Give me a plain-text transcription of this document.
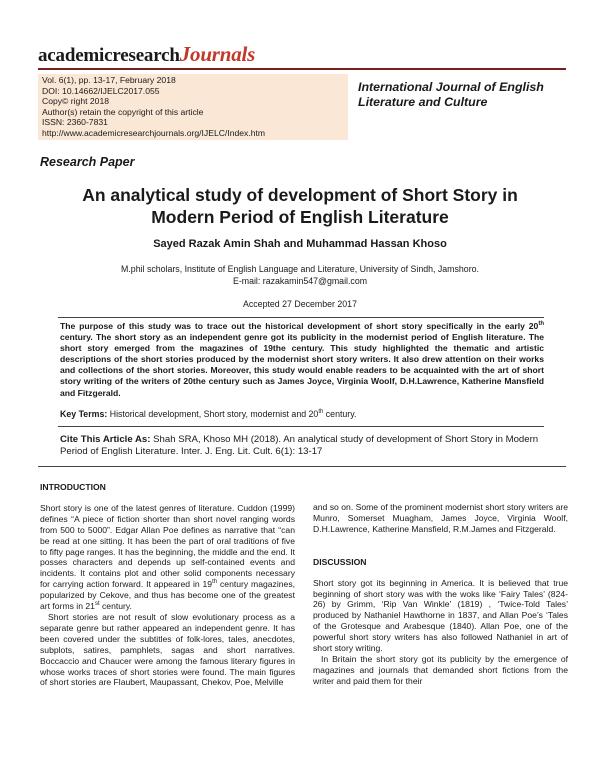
academicresearchJournals
Vol. 6(1), pp. 13-17, February 2018
DOI: 10.14662/IJELC2017.055
Copy© right 2018
Author(s) retain the copyright of this article
ISSN: 2360-7831
http://www.academicresearchjournals.org/IJELC/Index.htm
International Journal of English
Literature and Culture
Research Paper
An analytical study of development of Short Story in
Modern Period of English Literature
Sayed Razak Amin Shah and Muhammad Hassan Khoso
M.phil scholars, Institute of English Language and Literature, University of Sindh, Jamshoro.
E-mail: razakamin547@gmail.com
Accepted 27 December 2017
The purpose of this study was to trace out the historical development of short story specifically in the early 20th century. The short story as an independent genre got its publicity in the modernist period of English literature. The short story emerged from the magazines of 19the century. This study highlighted the thematic and artistic descriptions of the short stories produced by the modernist short story writers. It also drew attention on their works and collections of the short stories. Moreover, this study would enable readers to be acquainted with the art of short story writing of the writers of 20the century such as James Joyce, Virginia Woolf, D.H.Lawrence, Katherine Mansfield and Fitzgerald.
Key Terms: Historical development, Short story, modernist and 20th century.
Cite This Article As: Shah SRA, Khoso MH (2018). An analytical study of development of Short Story in Modern Period of English Literature. Inter. J. Eng. Lit. Cult. 6(1): 13-17

INTRODUCTION

Short story is one of the latest genres of literature. Cuddon (1999) defines “A piece of fiction shorter than short novel ranging words from 500 to 5000”. Edgar Allan Poe defines as narrative that “can be read at one sitting. It has been the part of oral traditions of five to fifty page ranges. It has the beginning, the middle and the end. It posses characters and depends up self-contained events and incidents. It contains plot and other solid components necessary for carrying action forward. It appeared in 19th century magazines, popularized by Cekove, and thus has become one of the greatest art forms in 21st century.

Short stories are not result of slow evolutionary process as a separate genre but rather appeared an independent genre. It has been covered under the subtitles of folk-lores, tales, anecdotes, subplots, satires, pamphlets, sagas and short narratives. Boccaccio and Chaucer were among the famous literary figures in whose works traces of short stories were found. The main figures of short stories are Flaubert, Maupassant, Chekov, Poe, Melville

and so on. Some of the prominent modernist short story writers are Munro, Somerset Muagham, James Joyce, Virginia Woolf, D.H.Lawrence, Katherine Mansfield, R.M.James and Fitzgerald.

DISCUSSION

Short story got its beginning in America. It is believed that true beginning of short story was with the woks like ‘Fairy Tales’ (824-26) by Grimm, ‘Rip Van Winkle’ (1819) , ‘Twice-Told Tales’ produced by Nathaniel Hawthorne in 1837, and Allan Poe’s ‘Tales of the Grotesque and Arabesque (1840). Allan Poe, one of the powerful short story writers has also followed Nathaniel in art of short story writing.

In Britain the short story got its publicity by the emergence of magazines and journals that demanded short fictions from the writer and paid them for their
